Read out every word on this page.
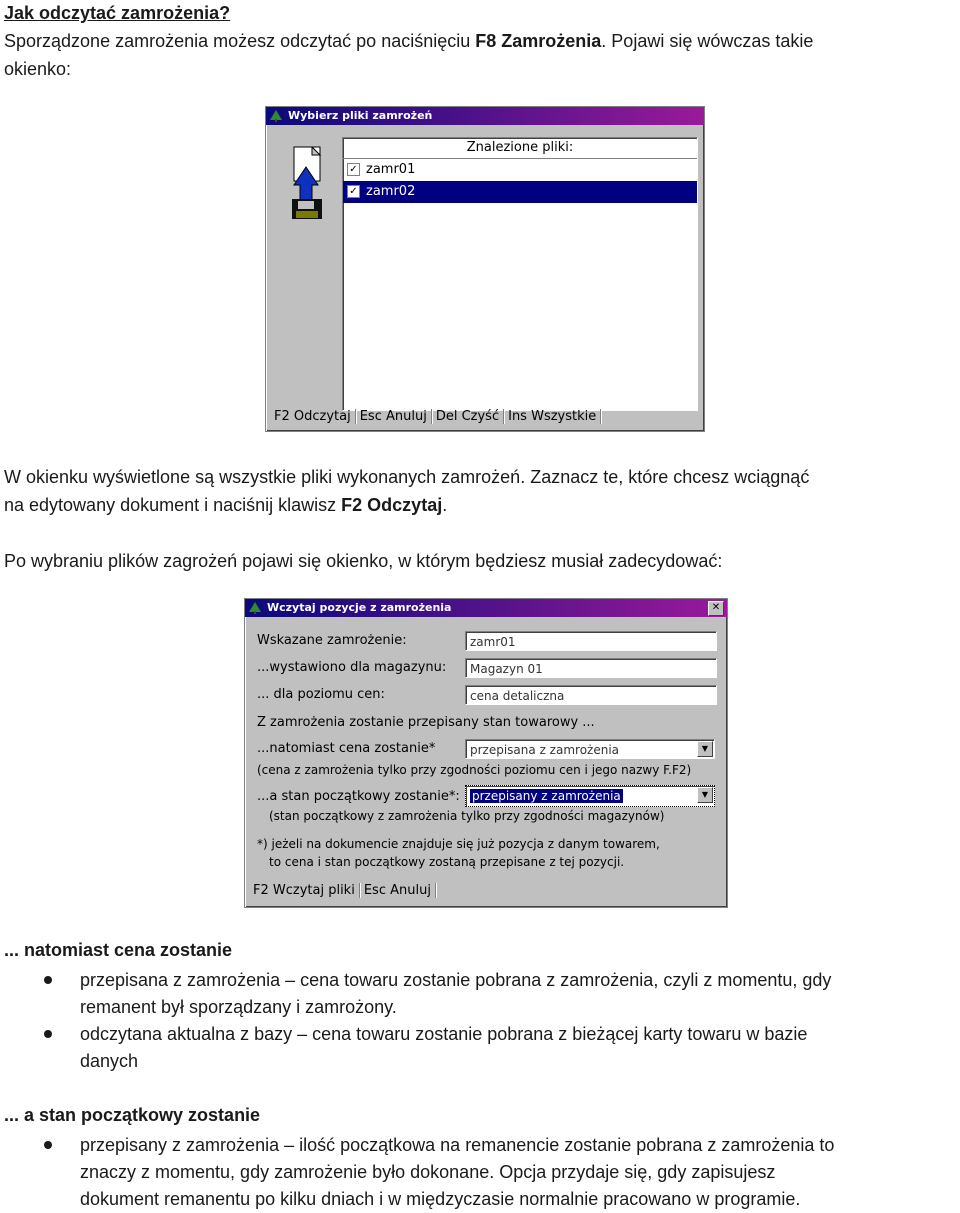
Jak odczytać zamrożenia?
Sporządzone zamrożenia możesz odczytać po naciśnięciu F8 Zamrożenia. Pojawi się wówczas takie
okienko:
Wybierz pliki zamrożeń
Znalezione pliki:
✓ zamr01
✓ zamr02
F2 Odczytaj Esc Anuluj Del Czyść Ins Wszystkie
W okienku wyświetlone są wszystkie pliki wykonanych zamrożeń. Zaznacz te, które chcesz wciągnąć
na edytowany dokument i naciśnij klawisz F2 Odczytaj.
Po wybraniu plików zagrożeń pojawi się okienko, w którym będziesz musiał zadecydować:
Wczytaj pozycje z zamrożenia	✕
Wskazane zamrożenie:	zamr01
...wystawiono dla magazynu:	Magazyn 01
... dla poziomu cen:	cena detaliczna
Z zamrożenia zostanie przepisany stan towarowy ...
...natomiast cena zostanie*	przepisana z zamrożenia	▼
(cena z zamrożenia tylko przy zgodności poziomu cen i jego nazwy F.F2)
...a stan początkowy zostanie*:	przepisany z zamrożenia	▼
(stan początkowy z zamrożenia tylko przy zgodności magazynów)
*) jeżeli na dokumencie znajduje się już pozycja z danym towarem,
to cena i stan początkowy zostaną przepisane z tej pozycji.
F2 Wczytaj pliki Esc Anuluj
... natomiast cena zostanie
przepisana z zamrożenia – cena towaru zostanie pobrana z zamrożenia, czyli z momentu, gdy
remanent był sporządzany i zamrożony.
odczytana aktualna z bazy – cena towaru zostanie pobrana z bieżącej karty towaru w bazie
danych
... a stan początkowy zostanie
przepisany z zamrożenia – ilość początkowa na remanencie zostanie pobrana z zamrożenia to
znaczy z momentu, gdy zamrożenie było dokonane. Opcja przydaje się, gdy zapisujesz
dokument remanentu po kilku dniach i w międzyczasie normalnie pracowano w programie.
